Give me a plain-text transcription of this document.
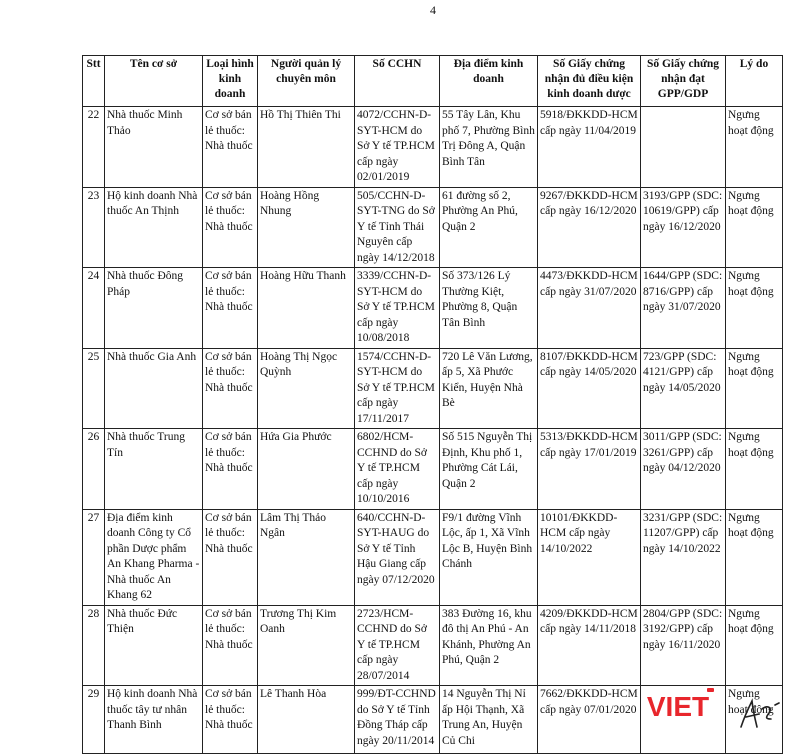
4
Stt	Tên cơ sở	Loại hình kinh doanh	Người quản lý chuyên môn	Số CCHN	Địa điểm kinh doanh	Số Giấy chứng nhận đủ điều kiện kinh doanh dược	Số Giấy chứng nhận đạt GPP/GDP	Lý do
22	Nhà thuốc Minh Thảo	Cơ sở bán lẻ thuốc: Nhà thuốc	Hồ Thị Thiên Thi	4072/CCHN-D-SYT-HCM do Sở Y tế TP.HCM cấp ngày 02/01/2019	55 Tây Lân, Khu phố 7, Phường Bình Trị Đông A, Quận Bình Tân	5918/ĐKKDD-HCM cấp ngày 11/04/2019		Ngưng hoạt động
23	Hộ kinh doanh Nhà thuốc An Thịnh	Cơ sở bán lẻ thuốc: Nhà thuốc	Hoàng Hồng Nhung	505/CCHN-D-SYT-TNG do Sở Y tế Tỉnh Thái Nguyên cấp ngày 14/12/2018	61 đường số 2, Phường An Phú, Quận 2	9267/ĐKKDD-HCM cấp ngày 16/12/2020	3193/GPP (SDC: 10619/GPP) cấp ngày 16/12/2020	Ngưng hoạt động
24	Nhà thuốc Đông Pháp	Cơ sở bán lẻ thuốc: Nhà thuốc	Hoàng Hữu Thanh	3339/CCHN-D-SYT-HCM do Sở Y tế TP.HCM cấp ngày 10/08/2018	Số 373/126 Lý Thường Kiệt, Phường 8, Quận Tân Bình	4473/ĐKKDD-HCM cấp ngày 31/07/2020	1644/GPP (SDC: 8716/GPP) cấp ngày 31/07/2020	Ngưng hoạt động
25	Nhà thuốc Gia Anh	Cơ sở bán lẻ thuốc: Nhà thuốc	Hoàng Thị Ngọc Quỳnh	1574/CCHN-D-SYT-HCM do Sở Y tế TP.HCM cấp ngày 17/11/2017	720 Lê Văn Lương, ấp 5, Xã Phước Kiển, Huyện Nhà Bè	8107/ĐKKDD-HCM cấp ngày 14/05/2020	723/GPP (SDC: 4121/GPP) cấp ngày 14/05/2020	Ngưng hoạt động
26	Nhà thuốc Trung Tín	Cơ sở bán lẻ thuốc: Nhà thuốc	Hứa Gia Phước	6802/HCM-CCHND do Sở Y tế TP.HCM cấp ngày 10/10/2016	Số 515 Nguyễn Thị Định, Khu phố 1, Phường Cát Lái, Quận 2	5313/ĐKKDD-HCM cấp ngày 17/01/2019	3011/GPP (SDC: 3261/GPP) cấp ngày 04/12/2020	Ngưng hoạt động
27	Địa điểm kinh doanh Công ty Cổ phần Dược phẩm An Khang Pharma - Nhà thuốc An Khang 62	Cơ sở bán lẻ thuốc: Nhà thuốc	Lâm Thị Thảo Ngân	640/CCHN-D-SYT-HAUG do Sở Y tế Tỉnh Hậu Giang cấp ngày 07/12/2020	F9/1 đường Vĩnh Lộc, ấp 1, Xã Vĩnh Lộc B, Huyện Bình Chánh	10101/ĐKKDD-HCM cấp ngày 14/10/2022	3231/GPP (SDC: 11207/GPP) cấp ngày 14/10/2022	Ngưng hoạt động
28	Nhà thuốc Đức Thiện	Cơ sở bán lẻ thuốc: Nhà thuốc	Trương Thị Kim Oanh	2723/HCM-CCHND do Sở Y tế TP.HCM cấp ngày 28/07/2014	383 Đường 16, khu đô thị An Phú - An Khánh, Phường An Phú, Quận 2	4209/ĐKKDD-HCM cấp ngày 14/11/2018	2804/GPP (SDC: 3192/GPP) cấp ngày 16/11/2020	Ngưng hoạt động
29	Hộ kinh doanh Nhà thuốc tây tư nhân Thanh Bình	Cơ sở bán lẻ thuốc: Nhà thuốc	Lê Thanh Hòa	999/ĐT-CCHND do Sở Y tế Tỉnh Đồng Tháp cấp ngày 20/11/2014	14 Nguyễn Thị Nỉ ấp Hội Thạnh, Xã Trung An, Huyện Củ Chi	7662/ĐKKDD-HCM cấp ngày 07/01/2020		Ngưng hoạt động
VIET
